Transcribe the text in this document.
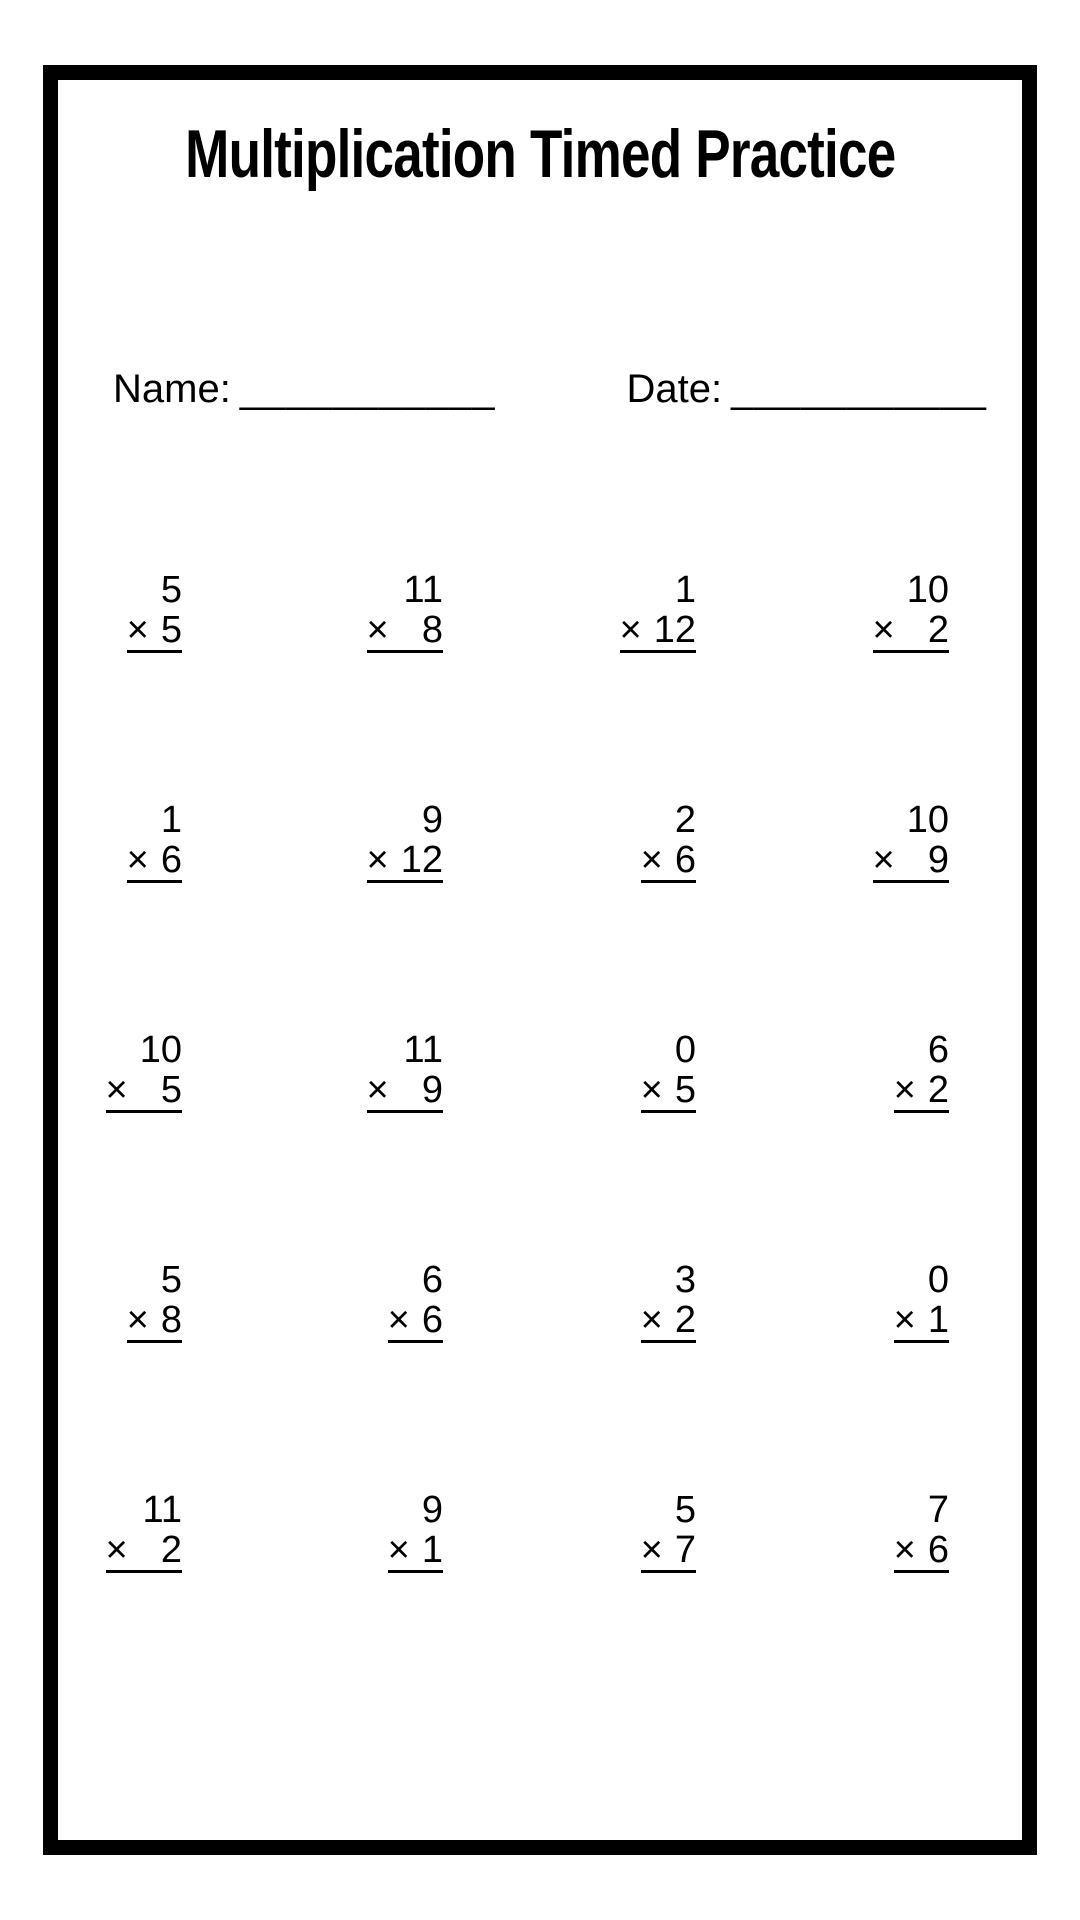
Multiplication Timed Practice
Name: ___________	Date: ___________
5
× 5
11
× 8
1
× 12
10
× 2
1
× 6
9
× 12
2
× 6
10
× 9
10
× 5
11
× 9
0
× 5
6
× 2
5
× 8
6
× 6
3
× 2
0
× 1
11
× 2
9
× 1
5
× 7
7
× 6
